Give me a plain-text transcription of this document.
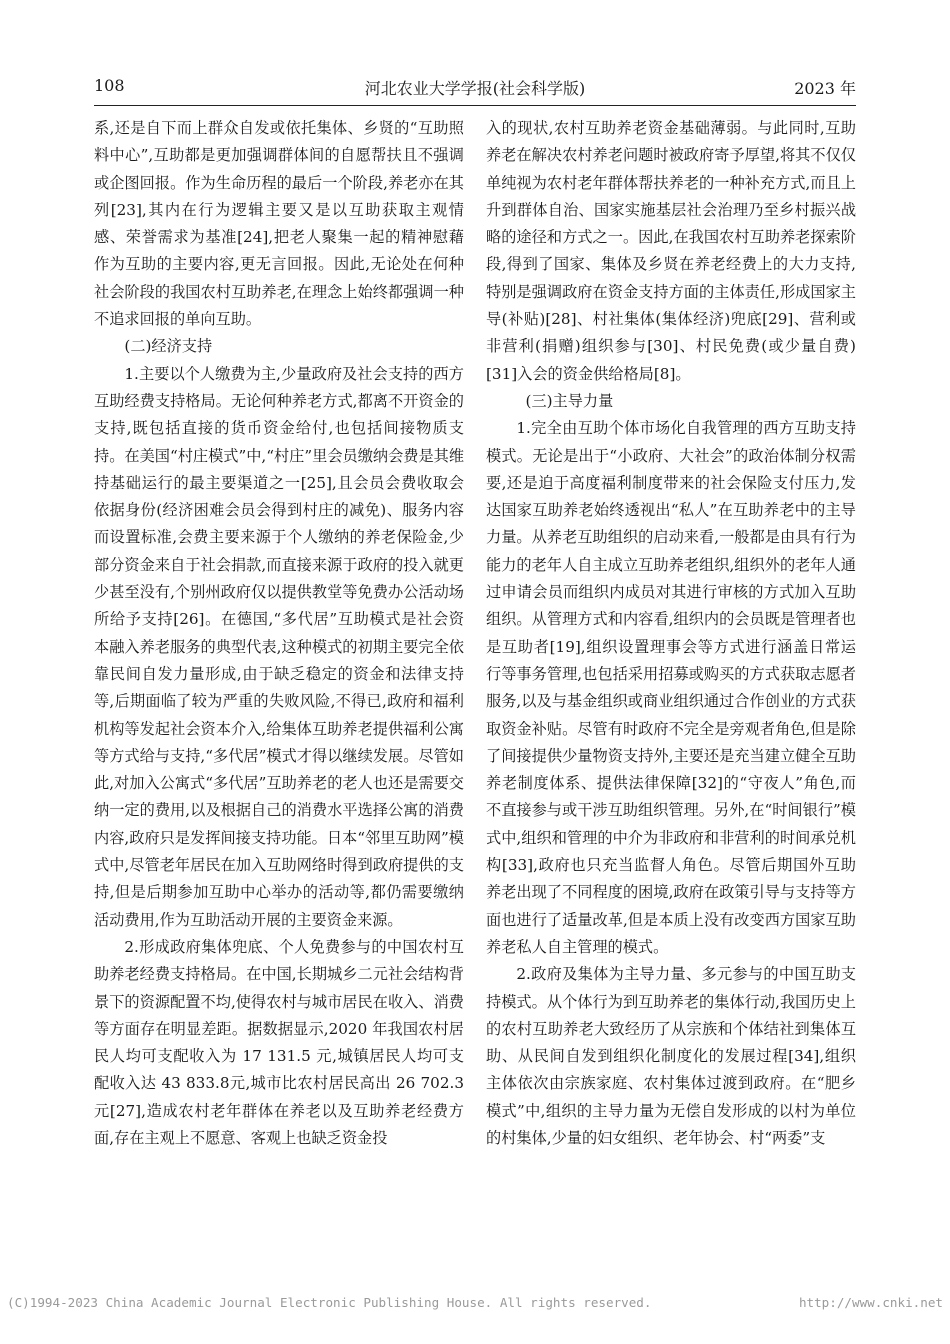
108	河北农业大学学报(社会科学版)	2023 年

系,还是自下而上群众自发或依托集体、乡贤的“互助照料中心”,互助都是更加强调群体间的自愿帮扶且不强调或企图回报。作为生命历程的最后一个阶段,养老亦在其列[23],其内在行为逻辑主要又是以互助获取主观情感、荣誉需求为基准[24],把老人聚集一起的精神慰藉作为互助的主要内容,更无言回报。因此,无论处在何种社会阶段的我国农村互助养老,在理念上始终都强调一种不追求回报的单向互助。

(二)经济支持

1.主要以个人缴费为主,少量政府及社会支持的西方互助经费支持格局。无论何种养老方式,都离不开资金的支持,既包括直接的货币资金给付,也包括间接物质支持。在美国“村庄模式”中,“村庄”里会员缴纳会费是其维持基础运行的最主要渠道之一[25],且会员会费收取会依据身份(经济困难会员会得到村庄的减免)、服务内容而设置标准,会费主要来源于个人缴纳的养老保险金,少部分资金来自于社会捐款,而直接来源于政府的投入就更少甚至没有,个别州政府仅以提供教堂等免费办公活动场所给予支持[26]。在德国,“多代居”互助模式是社会资本融入养老服务的典型代表,这种模式的初期主要完全依靠民间自发力量形成,由于缺乏稳定的资金和法律支持等,后期面临了较为严重的失败风险,不得已,政府和福利机构等发起社会资本介入,给集体互助养老提供福利公寓等方式给与支持,“多代居”模式才得以继续发展。尽管如此,对加入公寓式“多代居”互助养老的老人也还是需要交纳一定的费用,以及根据自己的消费水平选择公寓的消费内容,政府只是发挥间接支持功能。日本“邻里互助网”模式中,尽管老年居民在加入互助网络时得到政府提供的支持,但是后期参加互助中心举办的活动等,都仍需要缴纳活动费用,作为互助活动开展的主要资金来源。

2.形成政府集体兜底、个人免费参与的中国农村互助养老经费支持格局。在中国,长期城乡二元社会结构背景下的资源配置不均,使得农村与城市居民在收入、消费等方面存在明显差距。据数据显示,2020 年我国农村居民人均可支配收入为 17 131.5 元,城镇居民人均可支配收入达 43 833.8元,城市比农村居民高出 26 702.3 元[27],造成农村老年群体在养老以及互助养老经费方面,存在主观上不愿意、客观上也缺乏资金投

入的现状,农村互助养老资金基础薄弱。与此同时,互助养老在解决农村养老问题时被政府寄予厚望,将其不仅仅单纯视为农村老年群体帮扶养老的一种补充方式,而且上升到群体自治、国家实施基层社会治理乃至乡村振兴战略的途径和方式之一。因此,在我国农村互助养老探索阶段,得到了国家、集体及乡贤在养老经费上的大力支持,特别是强调政府在资金支持方面的主体责任,形成国家主导(补贴)[28]、村社集体(集体经济)兜底[29]、营利或非营利(捐赠)组织参与[30]、村民免费(或少量自费)[31]入会的资金供给格局[8]。

(三)主导力量

1.完全由互助个体市场化自我管理的西方互助支持模式。无论是出于“小政府、大社会”的政治体制分权需要,还是迫于高度福利制度带来的社会保险支付压力,发达国家互助养老始终透视出“私人”在互助养老中的主导力量。从养老互助组织的启动来看,一般都是由具有行为能力的老年人自主成立互助养老组织,组织外的老年人通过申请会员而组织内成员对其进行审核的方式加入互助组织。从管理方式和内容看,组织内的会员既是管理者也是互助者[19],组织设置理事会等方式进行涵盖日常运行等事务管理,也包括采用招募或购买的方式获取志愿者服务,以及与基金组织或商业组织通过合作创业的方式获取资金补贴。尽管有时政府不完全是旁观者角色,但是除了间接提供少量物资支持外,主要还是充当建立健全互助养老制度体系、提供法律保障[32]的“守夜人”角色,而不直接参与或干涉互助组织管理。另外,在“时间银行”模式中,组织和管理的中介为非政府和非营利的时间承兑机构[33],政府也只充当监督人角色。尽管后期国外互助养老出现了不同程度的困境,政府在政策引导与支持等方面也进行了适量改革,但是本质上没有改变西方国家互助养老私人自主管理的模式。

2.政府及集体为主导力量、多元参与的中国互助支持模式。从个体行为到互助养老的集体行动,我国历史上的农村互助养老大致经历了从宗族和个体结社到集体互助、从民间自发到组织化制度化的发展过程[34],组织主体依次由宗族家庭、农村集体过渡到政府。在“肥乡模式”中,组织的主导力量为无偿自发形成的以村为单位的村集体,少量的妇女组织、老年协会、村“两委”支

(C)1994-2023 China Academic Journal Electronic Publishing House. All rights reserved.	http://www.cnki.net
